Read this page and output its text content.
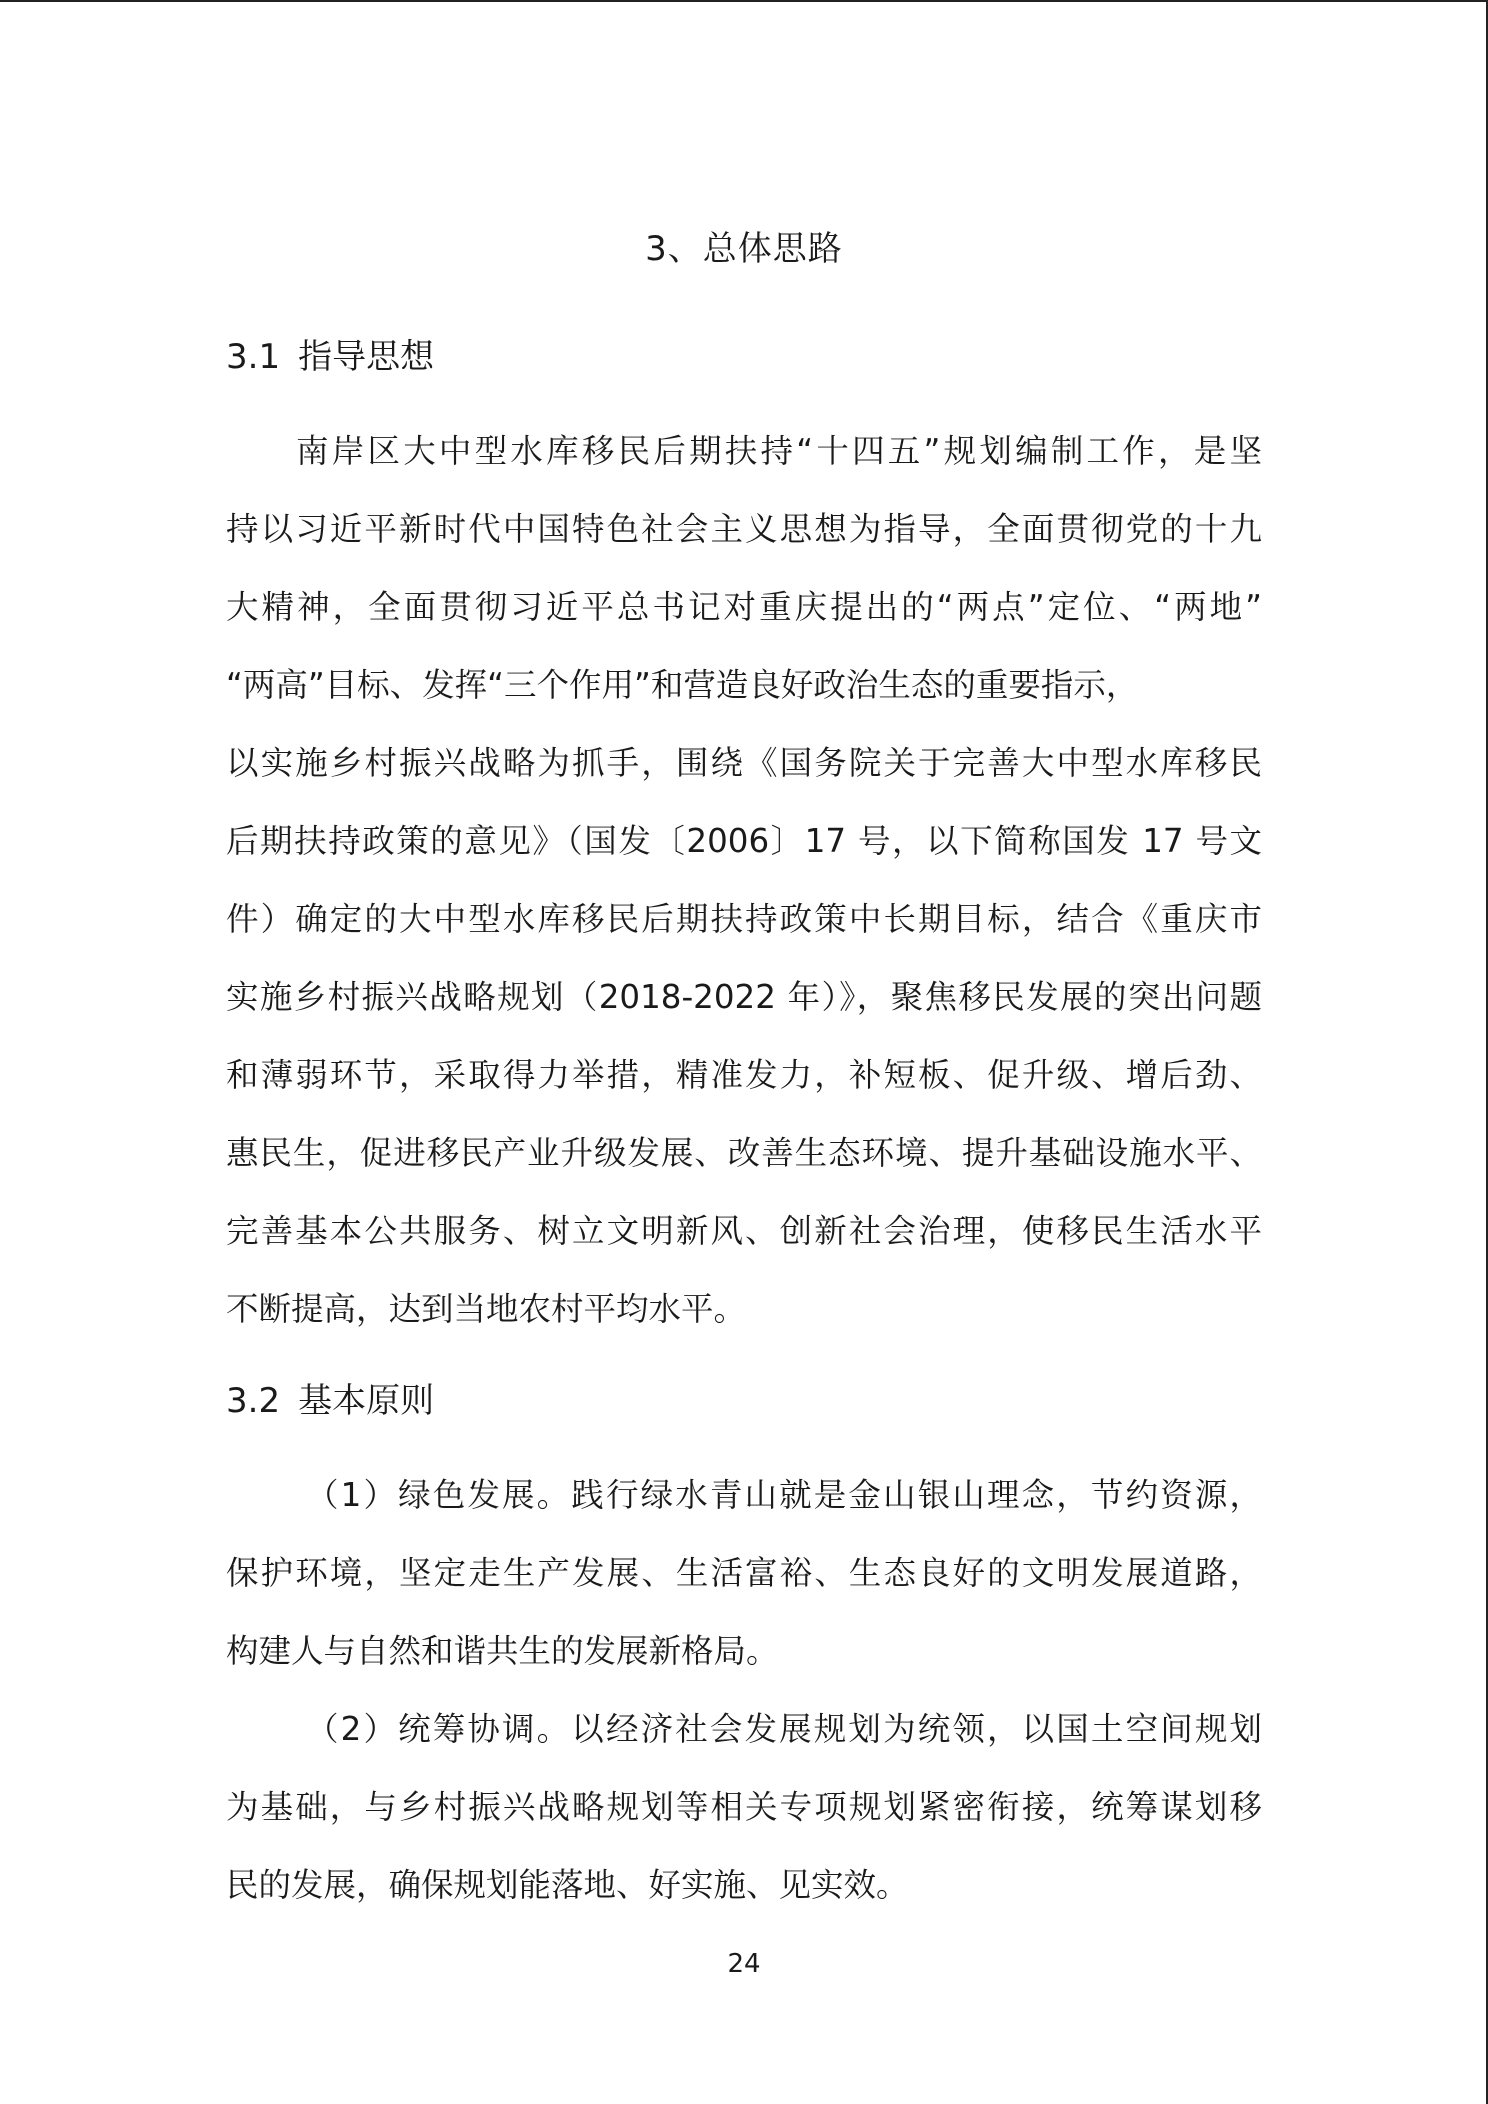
3、总体思路
3.1 指导思想
南岸区大中型水库移民后期扶持“十四五”规划编制工作，是坚
持以习近平新时代中国特色社会主义思想为指导，全面贯彻党的十九
大精神，全面贯彻习近平总书记对重庆提出的“两点”定位、“两地”
“两高”目标、发挥“三个作用”和营造良好政治生态的重要指示，
以实施乡村振兴战略为抓手，围绕《国务院关于完善大中型水库移民
后期扶持政策的意见》（国发〔2006〕17 号，以下简称国发 17 号文
件）确定的大中型水库移民后期扶持政策中长期目标，结合《重庆市
实施乡村振兴战略规划（2018-2022 年）》，聚焦移民发展的突出问题
和薄弱环节，采取得力举措，精准发力，补短板、促升级、增后劲、
惠民生，促进移民产业升级发展、改善生态环境、提升基础设施水平、
完善基本公共服务、树立文明新风、创新社会治理，使移民生活水平
不断提高，达到当地农村平均水平。
3.2 基本原则
（1）绿色发展。践行绿水青山就是金山银山理念，节约资源，
保护环境，坚定走生产发展、生活富裕、生态良好的文明发展道路，
构建人与自然和谐共生的发展新格局。
（2）统筹协调。以经济社会发展规划为统领，以国土空间规划
为基础，与乡村振兴战略规划等相关专项规划紧密衔接，统筹谋划移
民的发展，确保规划能落地、好实施、见实效。
24
